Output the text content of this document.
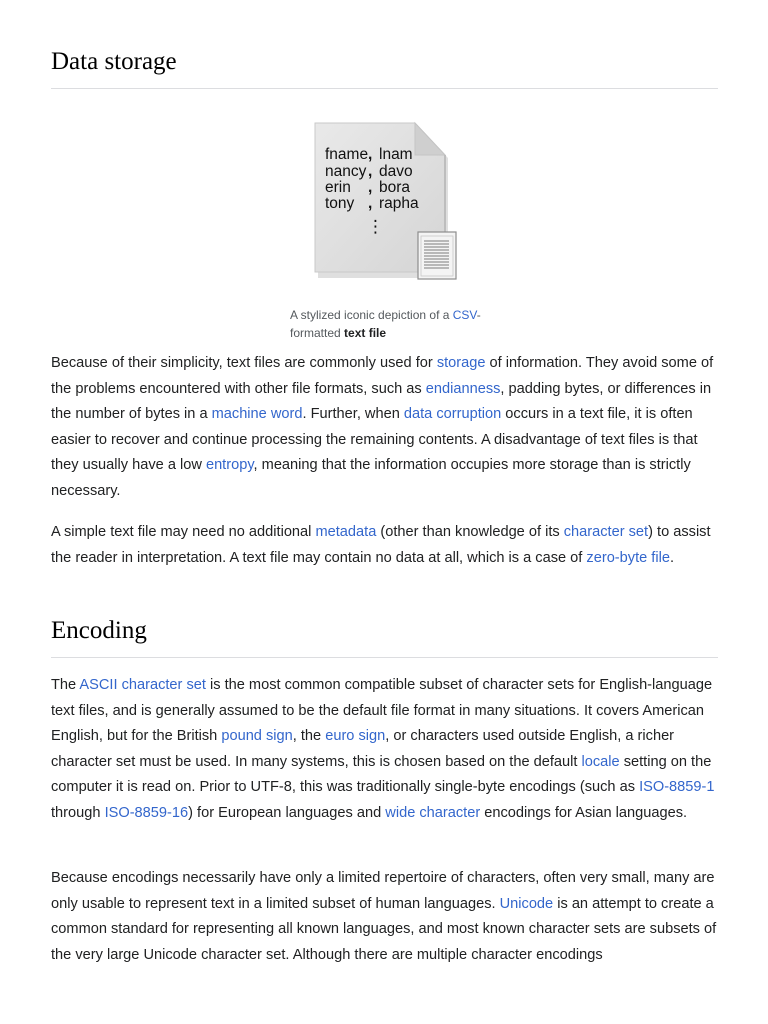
Data storage
fname , lnam
nancy , davo
erin , bora
tony , rapha
⋮
A stylized iconic depiction of a CSV-formatted text file

Because of their simplicity, text files are commonly used for storage of information. They avoid some of the problems encountered with other file formats, such as endianness, padding bytes, or differences in the number of bytes in a machine word. Further, when data corruption occurs in a text file, it is often easier to recover and continue processing the remaining contents. A disadvantage of text files is that they usually have a low entropy, meaning that the information occupies more storage than is strictly necessary.

A simple text file may need no additional metadata (other than knowledge of its character set) to assist the reader in interpretation. A text file may contain no data at all, which is a case of zero-byte file.

Encoding

The ASCII character set is the most common compatible subset of character sets for English-language text files, and is generally assumed to be the default file format in many situations. It covers American English, but for the British pound sign, the euro sign, or characters used outside English, a richer character set must be used. In many systems, this is chosen based on the default locale setting on the computer it is read on. Prior to UTF-8, this was traditionally single-byte encodings (such as ISO-8859-1 through ISO-8859-16) for European languages and wide character encodings for Asian languages.

Because encodings necessarily have only a limited repertoire of characters, often very small, many are only usable to represent text in a limited subset of human languages. Unicode is an attempt to create a common standard for representing all known languages, and most known character sets are subsets of the very large Unicode character set. Although there are multiple character encodings
